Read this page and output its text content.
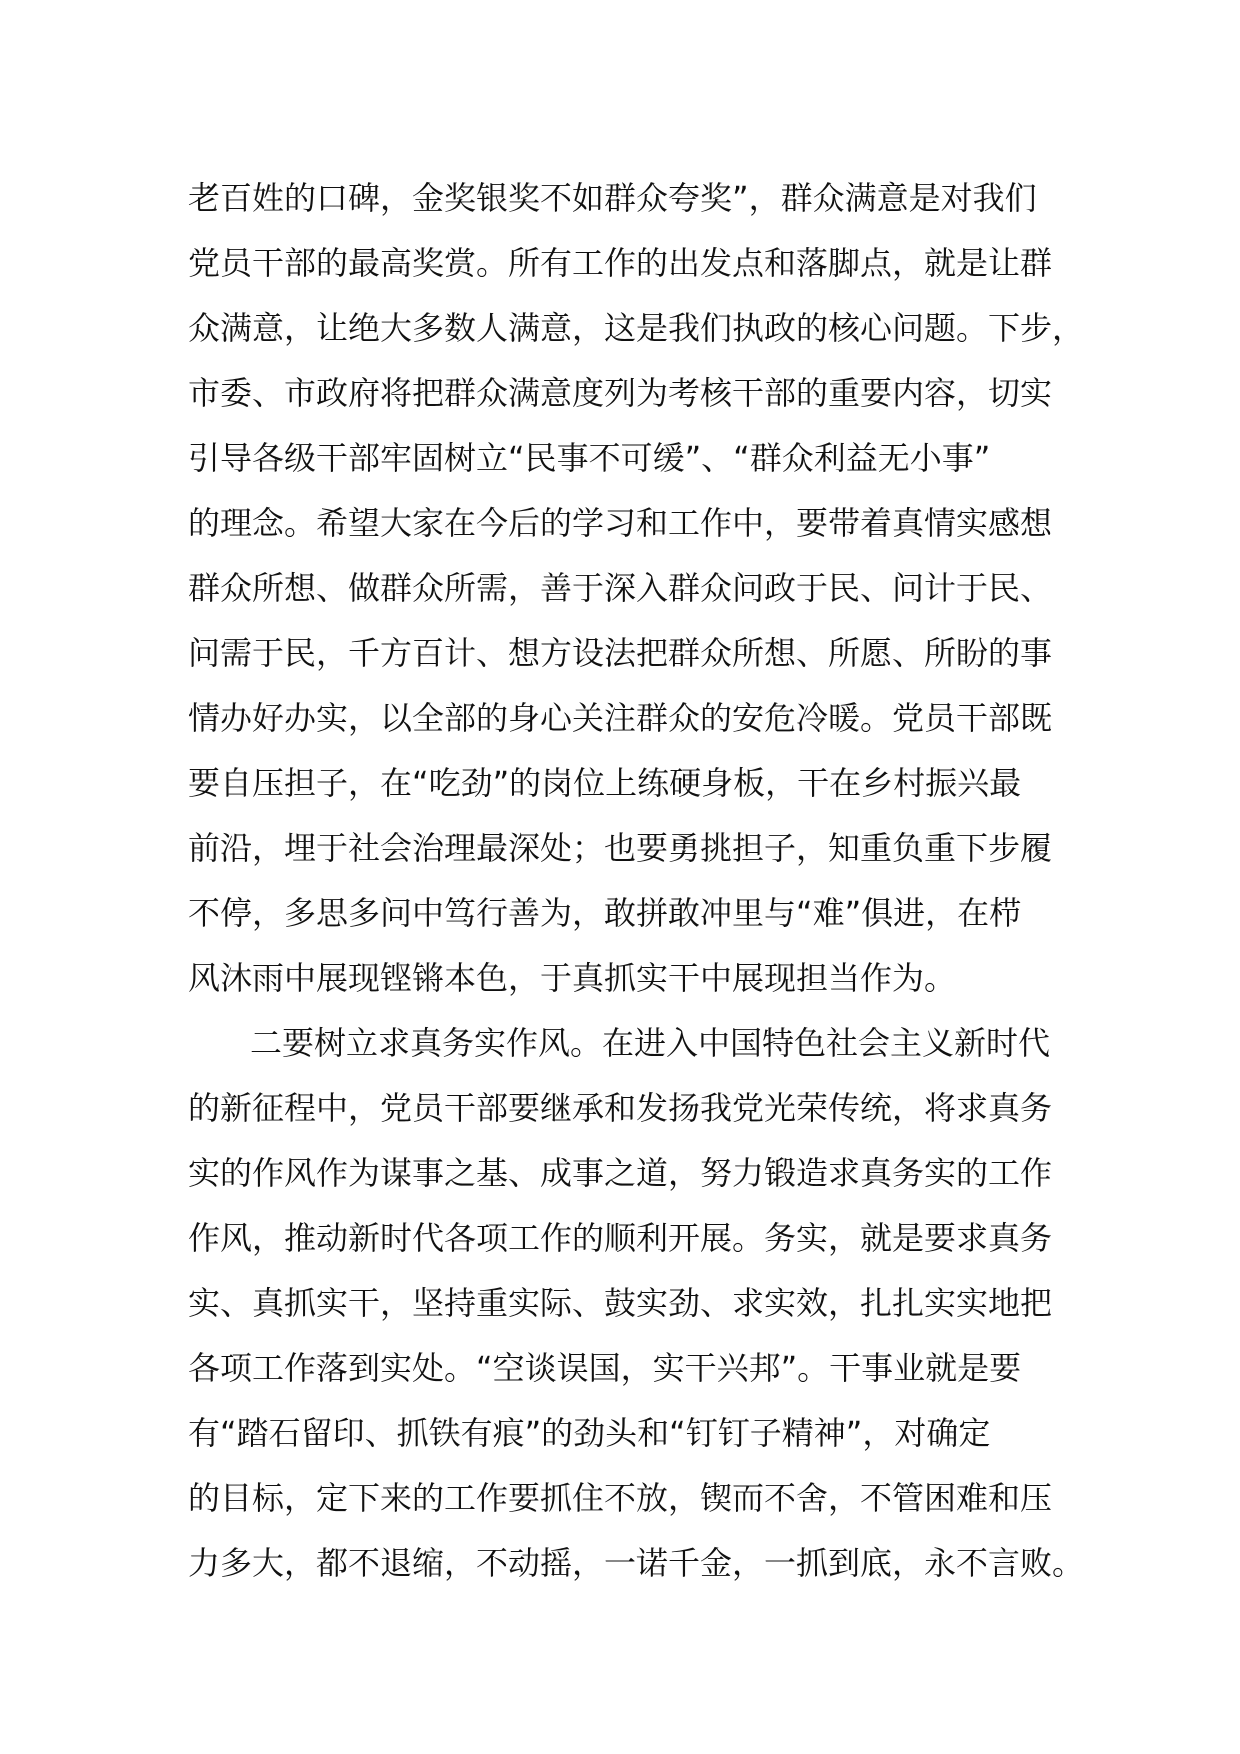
老百姓的口碑，金奖银奖不如群众夸奖”，群众满意是对我们
党员干部的最高奖赏。所有工作的出发点和落脚点，就是让群
众满意，让绝大多数人满意，这是我们执政的核心问题。下步，
市委、市政府将把群众满意度列为考核干部的重要内容，切实
引导各级干部牢固树立“民事不可缓”、“群众利益无小事”
的理念。希望大家在今后的学习和工作中，要带着真情实感想
群众所想、做群众所需，善于深入群众问政于民、问计于民、
问需于民，千方百计、想方设法把群众所想、所愿、所盼的事
情办好办实，以全部的身心关注群众的安危冷暖。党员干部既
要自压担子，在“吃劲”的岗位上练硬身板，干在乡村振兴最
前沿，埋于社会治理最深处；也要勇挑担子，知重负重下步履
不停，多思多问中笃行善为，敢拼敢冲里与“难”俱进，在栉
风沐雨中展现铿锵本色，于真抓实干中展现担当作为。
二要树立求真务实作风。在进入中国特色社会主义新时代
的新征程中，党员干部要继承和发扬我党光荣传统，将求真务
实的作风作为谋事之基、成事之道，努力锻造求真务实的工作
作风，推动新时代各项工作的顺利开展。务实，就是要求真务
实、真抓实干，坚持重实际、鼓实劲、求实效，扎扎实实地把
各项工作落到实处。“空谈误国，实干兴邦”。干事业就是要
有“踏石留印、抓铁有痕”的劲头和“钉钉子精神”，对确定
的目标，定下来的工作要抓住不放，锲而不舍，不管困难和压
力多大，都不退缩，不动摇，一诺千金，一抓到底，永不言败。
